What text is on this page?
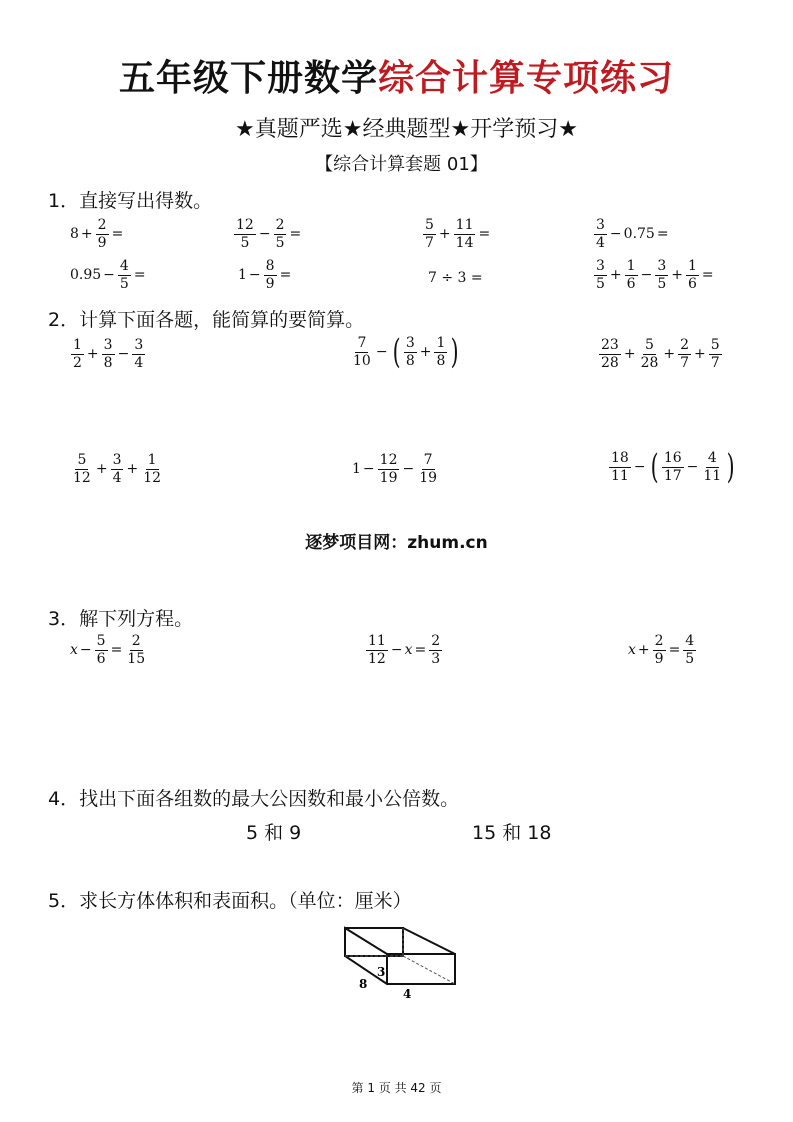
五年级下册数学综合计算专项练习
★真题严选★经典题型★开学预习★
【综合计算套题 01】
1．直接写出得数。
$8 + \frac{2}{9}$ =	$\frac{12}{5} - \frac{2}{5}$ =	$\frac{5}{7} + \frac{11}{14}$ =	$\frac{3}{4} - 0.75$ =
$0.95 - \frac{4}{5}$ =	$1 - \frac{8}{9}$ =	7 ÷ 3 =	$\frac{3}{5} + \frac{1}{6} - \frac{3}{5} + \frac{1}{6}$ =
2．计算下面各题，能简算的要简算。
$\frac{1}{2} + \frac{3}{8} - \frac{3}{4}$	$\frac{7}{10}$ − ( $\frac{3}{8} + \frac{1}{8}$ )	$\frac{23}{28} + \frac{5}{28} + \frac{2}{7} + \frac{5}{7}$
$\frac{5}{12} + \frac{3}{4} + \frac{1}{12}$	$1 - \frac{12}{19} - \frac{7}{19}$	$\frac{18}{11}$ − ( $\frac{16}{17} - \frac{4}{11}$ )
逐梦项目网：zhum.cn
3．解下列方程。
$x - \frac{5}{6} = \frac{2}{15}$	$\frac{11}{12} - x = \frac{2}{3}$	$x + \frac{2}{9} = \frac{4}{5}$
4．找出下面各组数的最大公因数和最小公倍数。
5 和 9	15 和 18
5．求长方体体积和表面积。（单位：厘米）
3
8
4
第 1 页 共 42 页
